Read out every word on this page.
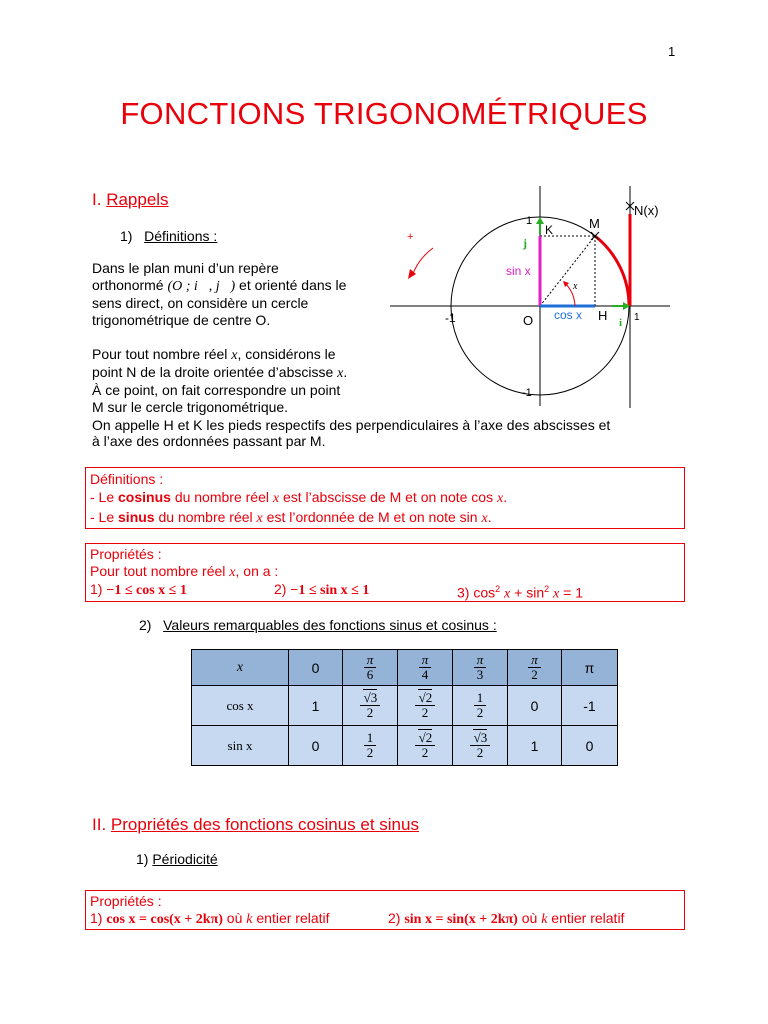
1
FONCTIONS TRIGONOMÉTRIQUES
I. Rappels
1) Définitions :
Dans le plan muni d’un repère
orthonormé (O ; i⃗, j⃗) et orienté dans le
sens direct, on considère un cercle
trigonométrique de centre O.
Pour tout nombre réel x, considérons le
point N de la droite orientée d’abscisse x.
À ce point, on fait correspondre un point
M sur le cercle trigonométrique.
On appelle H et K les pieds respectifs des perpendiculaires à l’axe des abscisses et
à l’axe des ordonnées passant par M.
+
1
-1
-1	1
O	H
K	M
N(x)
j
i
sin x
cos x
x
Définitions :
- Le cosinus du nombre réel x est l’abscisse de M et on note cos x.
- Le sinus du nombre réel x est l’ordonnée de M et on note sin x.
Propriétés :
Pour tout nombre réel x, on a :
1) −1 ≤ cos x ≤ 1	2) −1 ≤ sin x ≤ 1	3) $\cos^2 x + \sin^2 x = 1$
2) Valeurs remarquables des fonctions sinus et cosinus :
x	0	$\frac{\pi}{6}$	$\frac{\pi}{4}$	$\frac{\pi}{3}$	$\frac{\pi}{2}$	π
cos x	1	$\frac{√3}{2}$	$\frac{√2}{2}$	$\frac{1}{2}$	0	-1
sin x	0	$\frac{1}{2}$	$\frac{√2}{2}$	$\frac{√3}{2}$	1	0
II. Propriétés des fonctions cosinus et sinus
1) Périodicité
Propriétés :
1) cos x = cos(x + 2kπ) où k entier relatif	2) sin x = sin(x + 2kπ) où k entier relatif
